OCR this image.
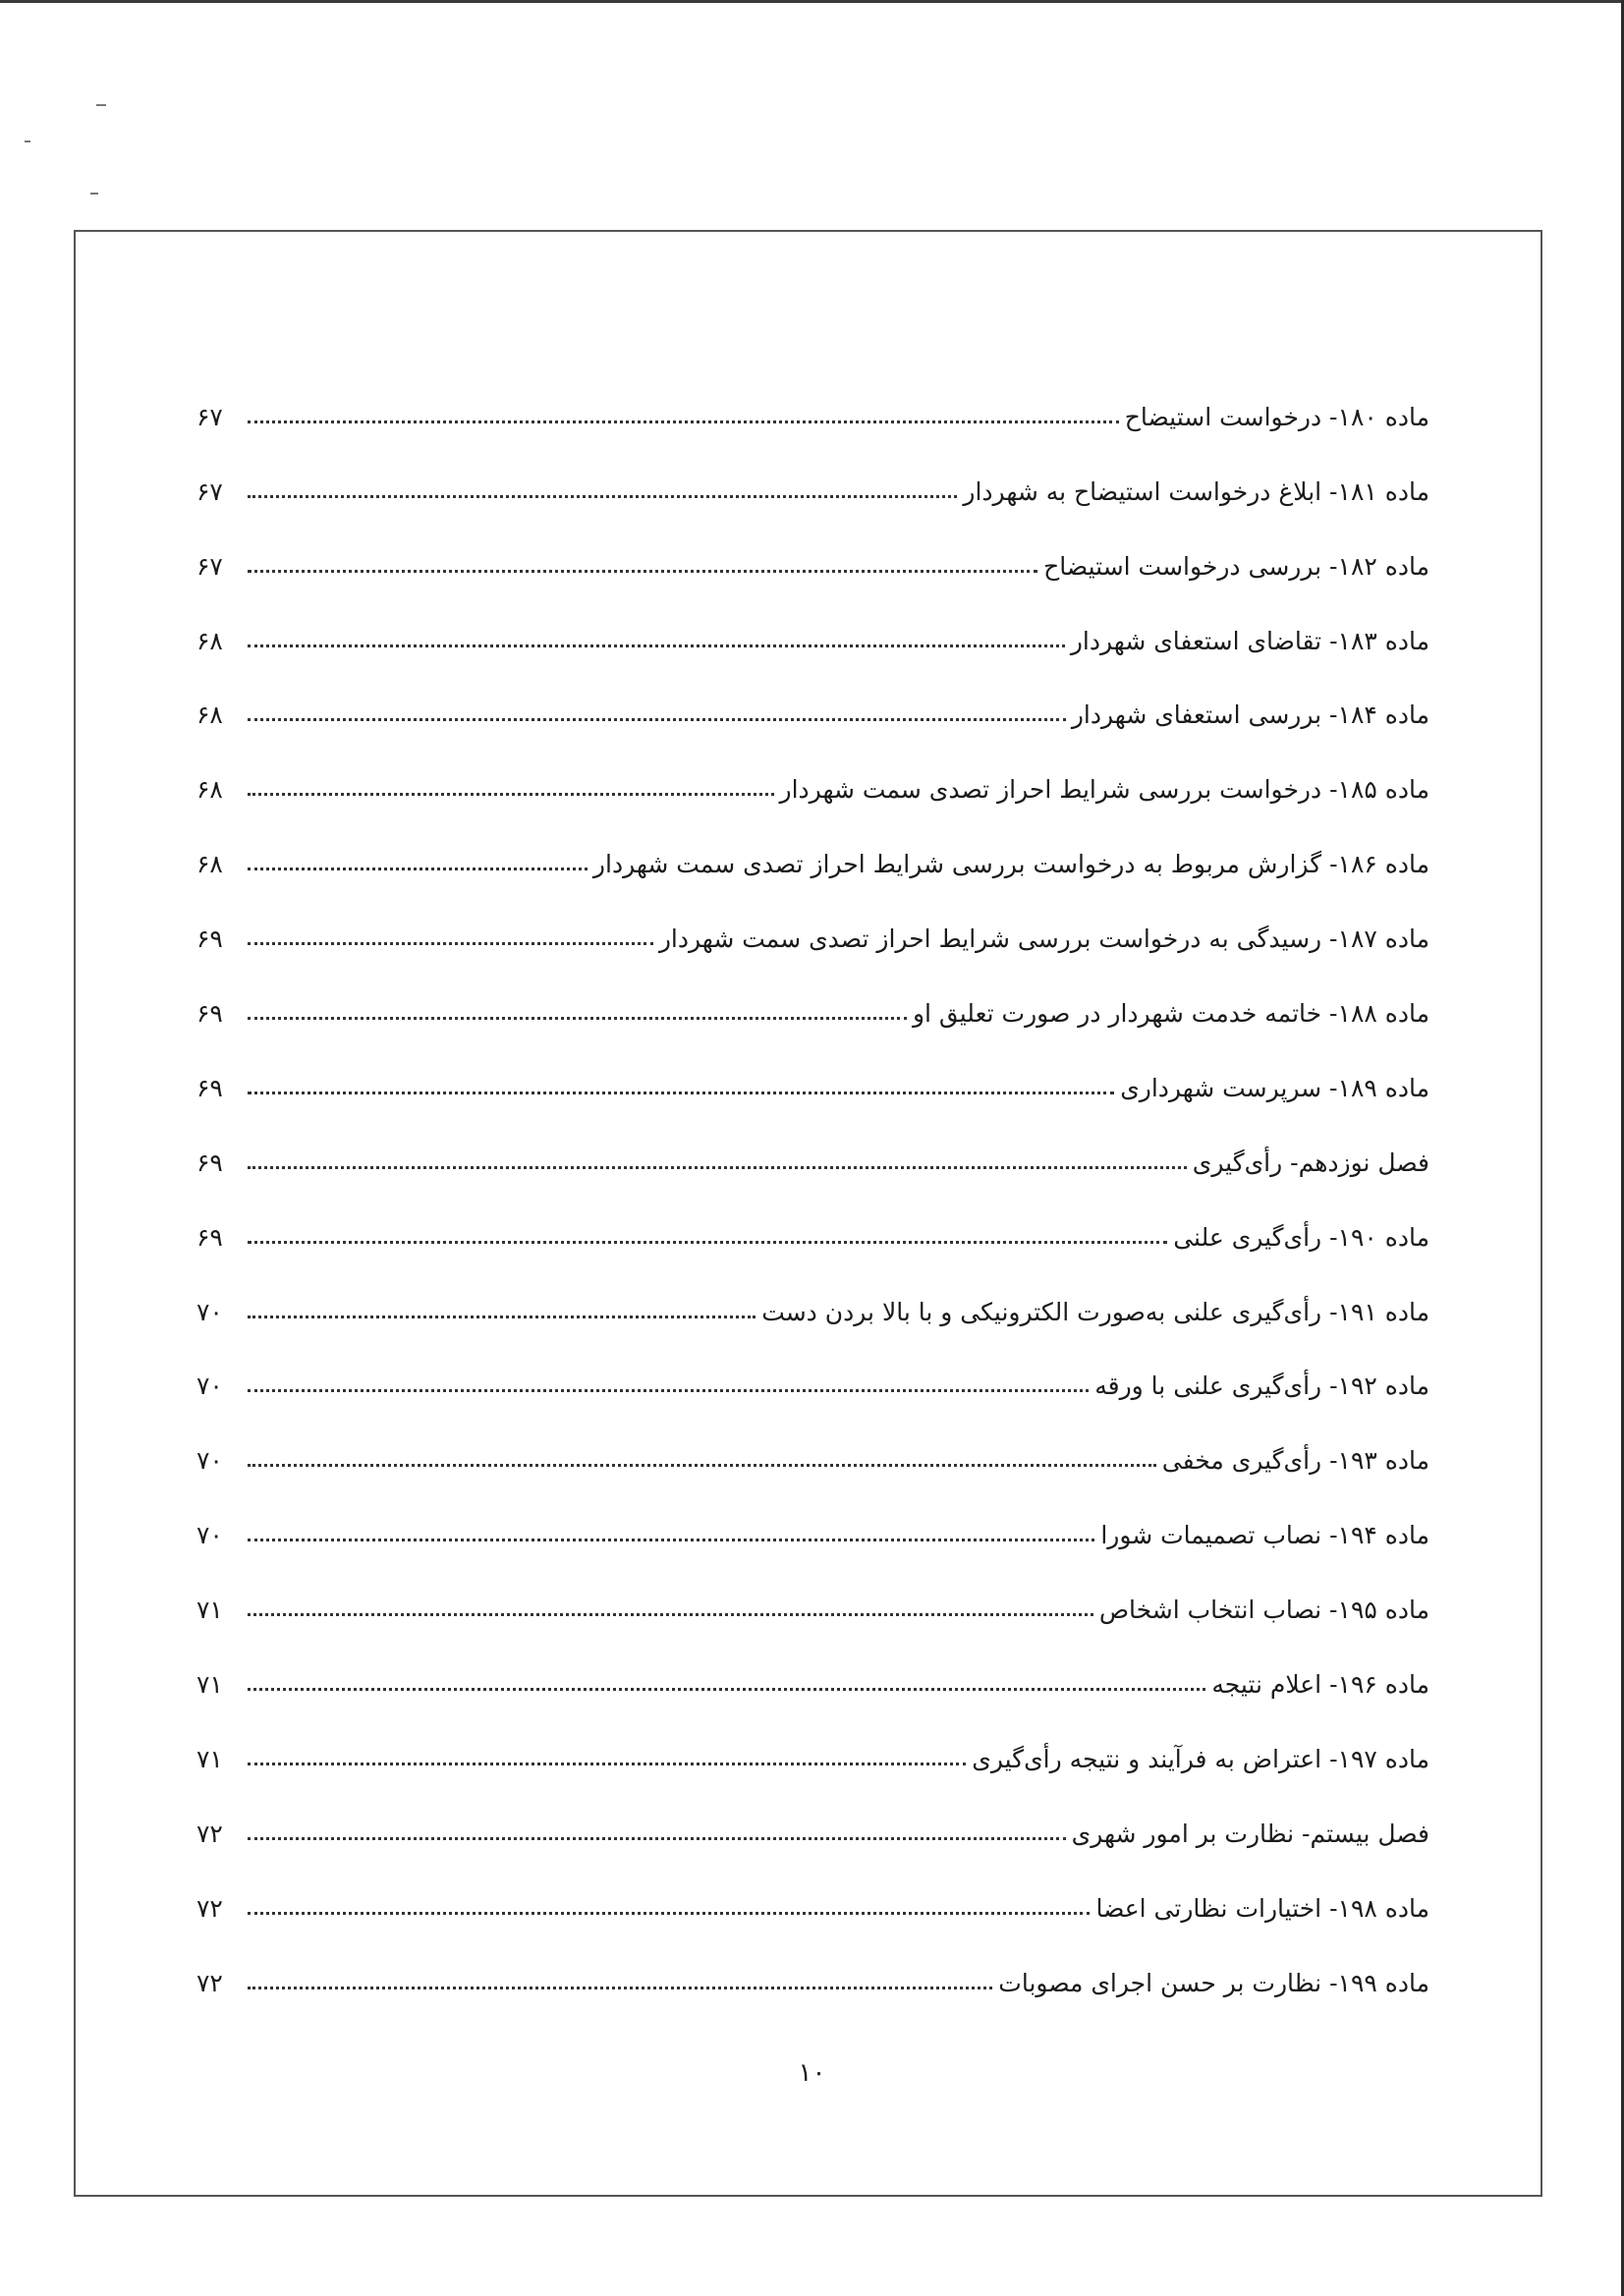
ماده ۱۸۰- درخواست استیضاح
۶۷
ماده ۱۸۱- ابلاغ درخواست استیضاح به شهردار
۶۷
ماده ۱۸۲- بررسی درخواست استیضاح
۶۷
ماده ۱۸۳- تقاضای استعفای شهردار
۶۸
ماده ۱۸۴- بررسی استعفای شهردار
۶۸
ماده ۱۸۵- درخواست بررسی شرایط احراز تصدی سمت شهردار
۶۸
ماده ۱۸۶- گزارش مربوط به درخواست بررسی شرایط احراز تصدی سمت شهردار
۶۸
ماده ۱۸۷- رسیدگی به درخواست بررسی شرایط احراز تصدی سمت شهردار
۶۹
ماده ۱۸۸- خاتمه خدمت شهردار در صورت تعلیق او
۶۹
ماده ۱۸۹- سرپرست شهرداری
۶۹
فصل نوزدهم- رأی‌گیری
۶۹
ماده ۱۹۰- رأی‌گیری علنی
۶۹
ماده ۱۹۱- رأی‌گیری علنی به‌صورت الکترونیکی و با بالا بردن دست
۷۰
ماده ۱۹۲- رأی‌گیری علنی با ورقه
۷۰
ماده ۱۹۳- رأی‌گیری مخفی
۷۰
ماده ۱۹۴- نصاب تصمیمات شورا
۷۰
ماده ۱۹۵- نصاب انتخاب اشخاص
۷۱
ماده ۱۹۶- اعلام نتیجه
۷۱
ماده ۱۹۷- اعتراض به فرآیند و نتیجه رأی‌گیری
۷۱
فصل بیستم- نظارت بر امور شهری
۷۲
ماده ۱۹۸- اختیارات نظارتی اعضا
۷۲
ماده ۱۹۹- نظارت بر حسن اجرای مصوبات
۷۲
۱۰
